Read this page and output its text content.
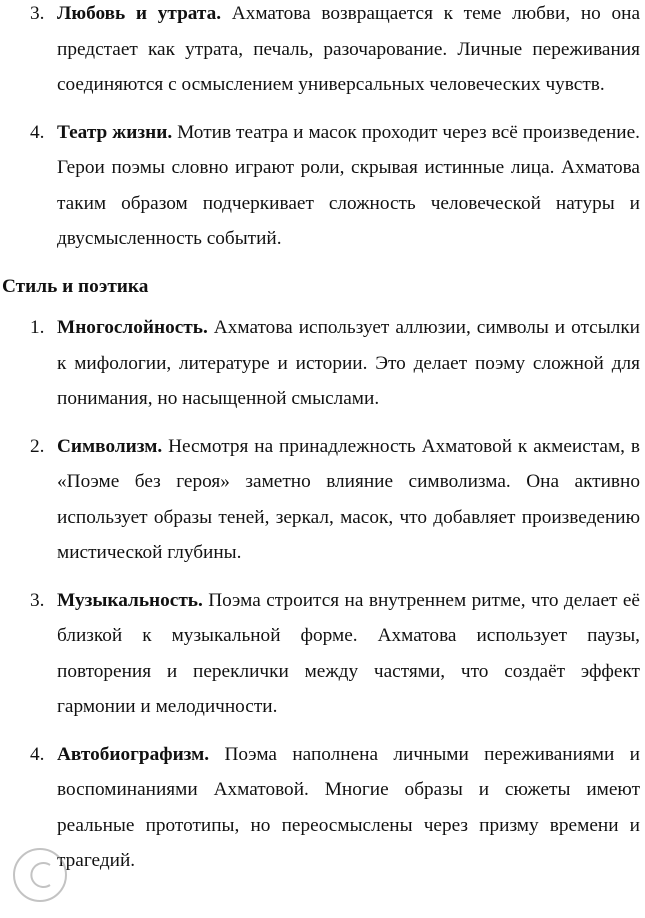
3. Любовь и утрата. Ахматова возвращается к теме любви, но она предстает как утрата, печаль, разочарование. Личные переживания соединяются с осмыслением универсальных человеческих чувств.
4. Театр жизни. Мотив театра и масок проходит через всё произведение. Герои поэмы словно играют роли, скрывая истинные лица. Ахматова таким образом подчеркивает сложность человеческой натуры и двусмысленность событий.
Стиль и поэтика
1. Многослойность. Ахматова использует аллюзии, символы и отсылки к мифологии, литературе и истории. Это делает поэму сложной для понимания, но насыщенной смыслами.
2. Символизм. Несмотря на принадлежность Ахматовой к акмеистам, в «Поэме без героя» заметно влияние символизма. Она активно использует образы теней, зеркал, масок, что добавляет произведению мистической глубины.
3. Музыкальность. Поэма строится на внутреннем ритме, что делает её близкой к музыкальной форме. Ахматова использует паузы, повторения и переклички между частями, что создаёт эффект гармонии и мелодичности.
4. Автобиографизм. Поэма наполнена личными переживаниями и воспоминаниями Ахматовой. Многие образы и сюжеты имеют реальные прототипы, но переосмыслены через призму времени и трагедий.
